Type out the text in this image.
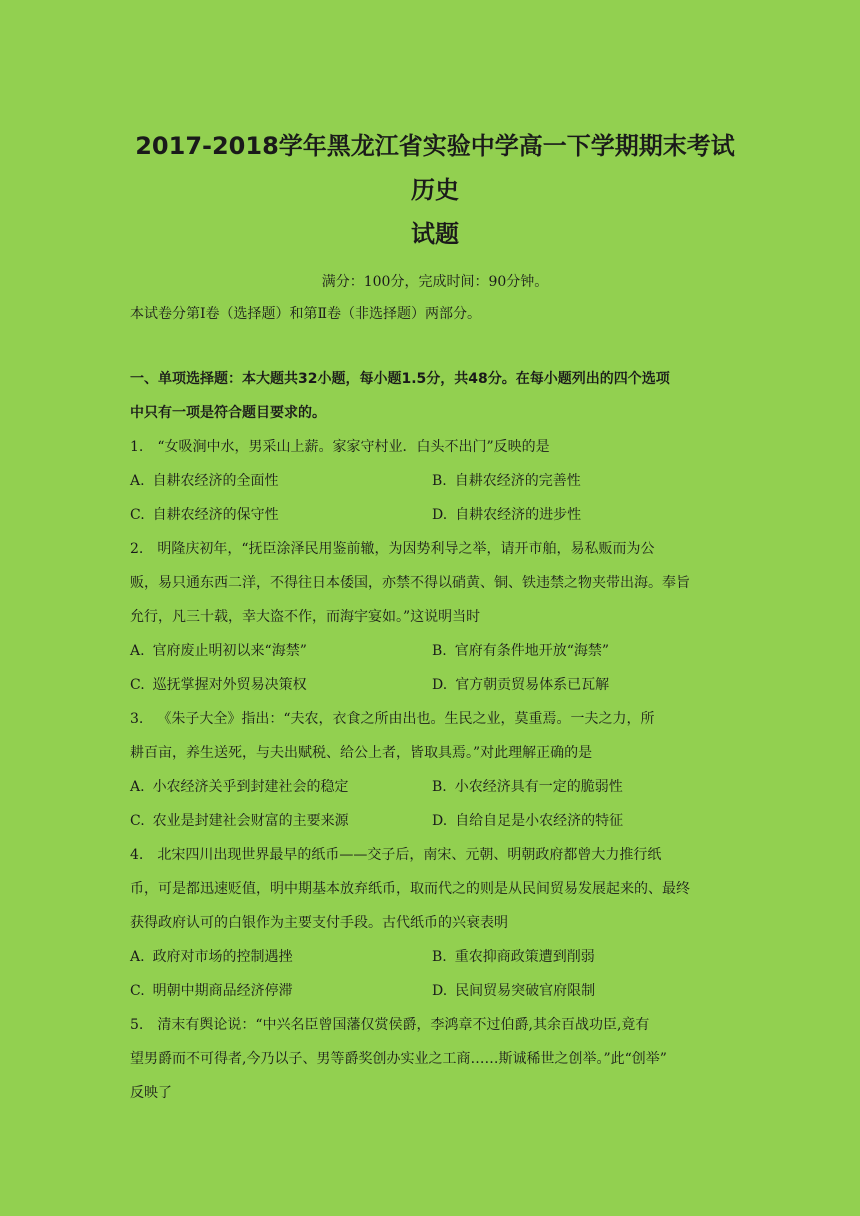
2017-2018学年黑龙江省实验中学高一下学期期末考试历史
试题
满分：100分，完成时间：90分钟。
本试卷分第Ⅰ卷（选择题）和第Ⅱ卷（非选择题）两部分。
一、单项选择题：本大题共32小题，每小题1.5分，共48分。在每小题列出的四个选项
中只有一项是符合题目要求的。
1. “女吸涧中水，男采山上薪。家家守村业．白头不出门”反映的是
A. 自耕农经济的全面性	B. 自耕农经济的完善性
C. 自耕农经济的保守性	D. 自耕农经济的进步性
2. 明隆庆初年，“抚臣涂泽民用鉴前辙，为因势利导之举，请开市舶，易私贩而为公
贩，易只通东西二洋，不得往日本倭国，亦禁不得以硝黄、铜、铁违禁之物夹带出海。奉旨
允行，凡三十载，幸大盗不作，而海宇宴如。”这说明当时
A. 官府废止明初以来“海禁”	B. 官府有条件地开放“海禁”
C. 巡抚掌握对外贸易决策权	D. 官方朝贡贸易体系已瓦解
3. 《朱子大全》指出：“夫农，衣食之所由出也。生民之业，莫重焉。一夫之力，所
耕百亩，养生送死，与夫出赋税、给公上者，皆取具焉。”对此理解正确的是
A. 小农经济关乎到封建社会的稳定	B. 小农经济具有一定的脆弱性
C. 农业是封建社会财富的主要来源	D. 自给自足是小农经济的特征
4. 北宋四川出现世界最早的纸币——交子后，南宋、元朝、明朝政府都曾大力推行纸
币，可是都迅速贬值，明中期基本放弃纸币，取而代之的则是从民间贸易发展起来的、最终
获得政府认可的白银作为主要支付手段。古代纸币的兴衰表明
A. 政府对市场的控制遇挫	B. 重农抑商政策遭到削弱
C. 明朝中期商品经济停滞	D. 民间贸易突破官府限制
5. 清末有舆论说：“中兴名臣曾国藩仅赏侯爵，李鸿章不过伯爵,其余百战功臣,竟有
望男爵而不可得者,今乃以子、男等爵奖创办实业之工商……斯诚稀世之创举。”此“创举”
反映了
